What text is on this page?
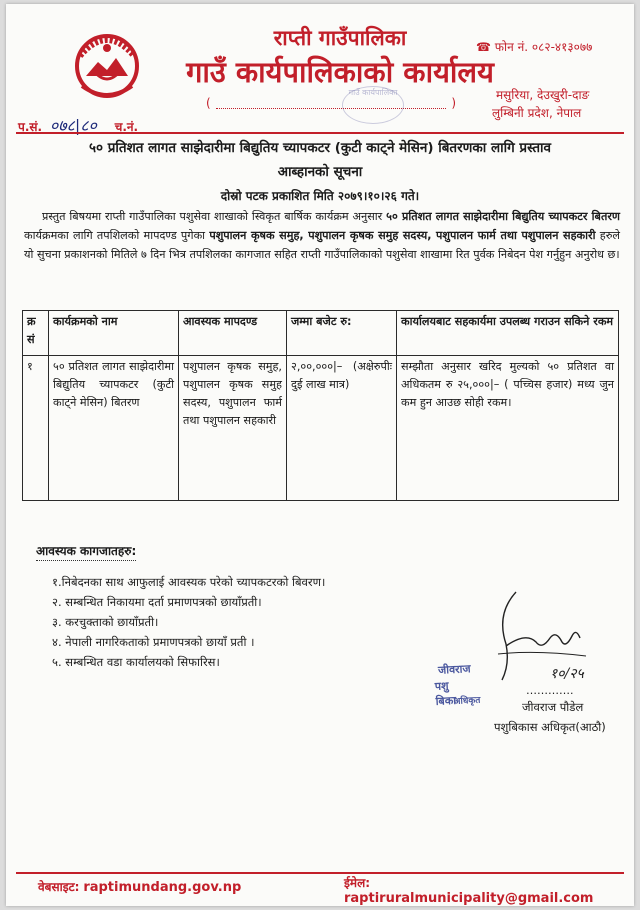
राप्ती गाउँपालिका
गाउँ कार्यपालिकाको कार्यालय
☎ फोन नं. ०८२-४१३०७७
मसुरिया, देउखुरी-दाङ
लुम्बिनी प्रदेश, नेपाल
(	)
गाउँ कार्यपालिका
प.सं. ०७८|८० च.नं.
५० प्रतिशत लागत साझेदारीमा बिद्युतिय च्यापकटर (कुटी काट्ने मेसिन) बितरणका लागि प्रस्ताव
आब्हानको सूचना
दोस्रो पटक प्रकाशित मिति २०७९।१०।२६ गते।
प्रस्तुत बिषयमा राप्ती गाउँपालिका पशुसेवा शाखाको स्विकृत बार्षिक कार्यक्रम अनुसार ५० प्रतिशत लागत साझेदारीमा बिद्युतिय च्यापकटर बितरण कार्यक्रमका लागि तपशिलको मापदण्ड पुगेका पशुपालन कृषक समुह, पशुपालन कृषक समुह सदस्य, पशुपालन फार्म तथा पशुपालन सहकारी हरुले यो सुचना प्रकाशनको मितिले ७ दिन भित्र तपशिलका कागजात सहित राप्ती गाउँपालिकाको पशुसेवा शाखामा रित पुर्वक निबेदन पेश गर्नुहुन अनुरोध छ।
क्र सं	कार्यक्रमको नाम	आवस्यक मापदण्ड	जम्मा बजेट रु:	कार्यालयबाट सहकार्यमा उपलब्ध गराउन सकिने रकम
१	५० प्रतिशत लागत साझेदारीमा बिद्युतिय च्यापकटर (कुटी काट्ने मेसिन) बितरण	पशुपालन कृषक समुह, पशुपालन कृषक समुह सदस्य, पशुपालन फार्म तथा पशुपालन सहकारी	२,००,०००|– (अक्षेरुपीः दुई लाख मात्र)	सम्झौता अनुसार खरिद मुल्यको ५० प्रतिशत वा अधिकतम रु २५,०००|– ( पच्चिस हजार) मध्य जुन कम हुन आउछ सोही रकम।
आवस्यक कागजातहरु:
१.निबेदनका साथ आफुलाई आवस्यक परेको च्यापकटरको बिवरण।
२. सम्बन्धित निकायमा दर्ता प्रमाणपत्रको छायाँप्रती।
३. करचुक्ताको छायाँप्रती।
४. नेपाली नागरिकताको प्रमाणपत्रको छायाँ प्रती ।
५. सम्बन्धित वडा कार्यालयको सिफारिस।
१०/२५
जीवराज
पशु बिका
अधिकृत
………….
जीवराज पौडेल
पशुबिकास अधिकृत(आठौ)
वेबसाइट: raptimundang.gov.np	ईमेल: raptiruralmunicipality@gmail.com
